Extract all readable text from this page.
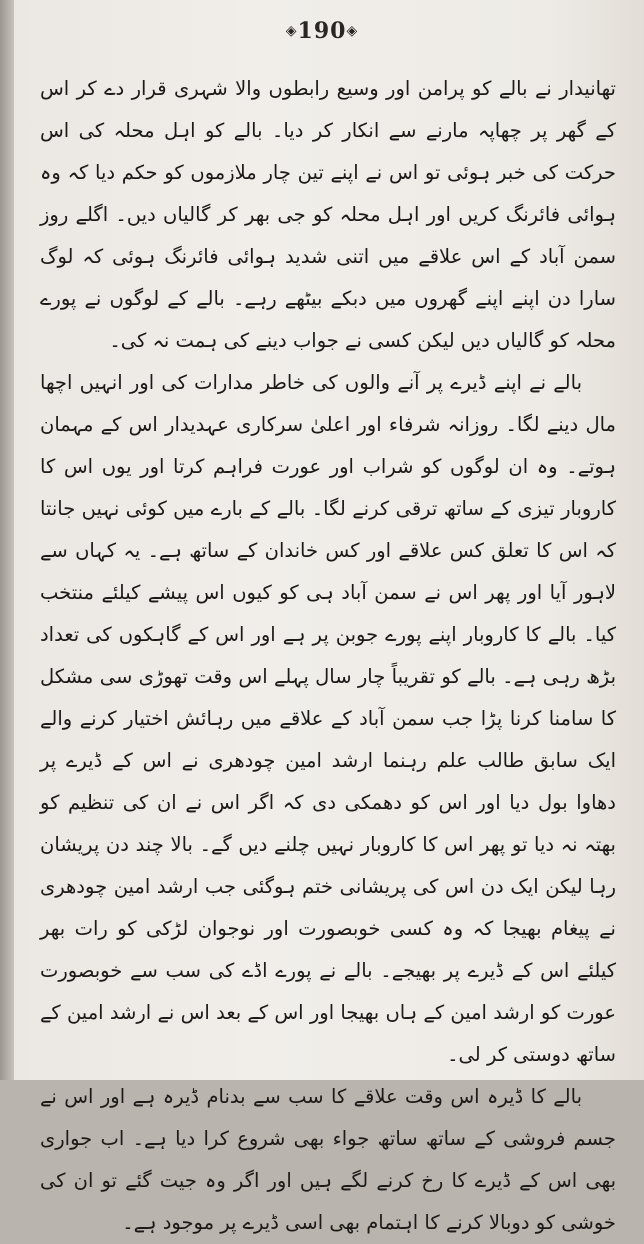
◈190◈

تھانیدار نے بالے کو پرامن اور وسیع رابطوں والا شہری قرار دے کر اس کے گھر پر چھاپہ مارنے سے انکار کر دیا۔ بالے کو اہل محلہ کی اس حرکت کی خبر ہوئی تو اس نے اپنے تین چار ملازموں کو حکم دیا کہ وہ ہوائی فائرنگ کریں اور اہل محلہ کو جی بھر کر گالیاں دیں۔ اگلے روز سمن آباد کے اس علاقے میں اتنی شدید ہوائی فائرنگ ہوئی کہ لوگ سارا دن اپنے اپنے گھروں میں دبکے بیٹھے رہے۔ بالے کے لوگوں نے پورے محلہ کو گالیاں دیں لیکن کسی نے جواب دینے کی ہمت نہ کی۔

بالے نے اپنے ڈیرے پر آنے والوں کی خاطر مدارات کی اور انہیں اچھا مال دینے لگا۔ روزانہ شرفاء اور اعلیٰ سرکاری عہدیدار اس کے مہمان ہوتے۔ وہ ان لوگوں کو شراب اور عورت فراہم کرتا اور یوں اس کا کاروبار تیزی کے ساتھ ترقی کرنے لگا۔ بالے کے بارے میں کوئی نہیں جانتا کہ اس کا تعلق کس علاقے اور کس خاندان کے ساتھ ہے۔ یہ کہاں سے لاہور آیا اور پھر اس نے سمن آباد ہی کو کیوں اس پیشے کیلئے منتخب کیا۔ بالے کا کاروبار اپنے پورے جوبن پر ہے اور اس کے گاہکوں کی تعداد بڑھ رہی ہے۔ بالے کو تقریباً چار سال پہلے اس وقت تھوڑی سی مشکل کا سامنا کرنا پڑا جب سمن آباد کے علاقے میں رہائش اختیار کرنے والے ایک سابق طالب علم رہنما ارشد امین چودھری نے اس کے ڈیرے پر دھاوا بول دیا اور اس کو دھمکی دی کہ اگر اس نے ان کی تنظیم کو بھتہ نہ دیا تو پھر اس کا کاروبار نہیں چلنے دیں گے۔ بالا چند دن پریشان رہا لیکن ایک دن اس کی پریشانی ختم ہوگئی جب ارشد امین چودھری نے پیغام بھیجا کہ وہ کسی خوبصورت اور نوجوان لڑکی کو رات بھر کیلئے اس کے ڈیرے پر بھیجے۔ بالے نے پورے اڈے کی سب سے خوبصورت عورت کو ارشد امین کے ہاں بھیجا اور اس کے بعد اس نے ارشد امین کے ساتھ دوستی کر لی۔

بالے کا ڈیرہ اس وقت علاقے کا سب سے بدنام ڈیرہ ہے اور اس نے جسم فروشی کے ساتھ ساتھ جواء بھی شروع کرا دیا ہے۔ اب جواری بھی اس کے ڈیرے کا رخ کرنے لگے ہیں اور اگر وہ جیت گئے تو ان کی خوشی کو دوبالا کرنے کا اہتمام بھی اسی ڈیرے پر موجود ہے۔
